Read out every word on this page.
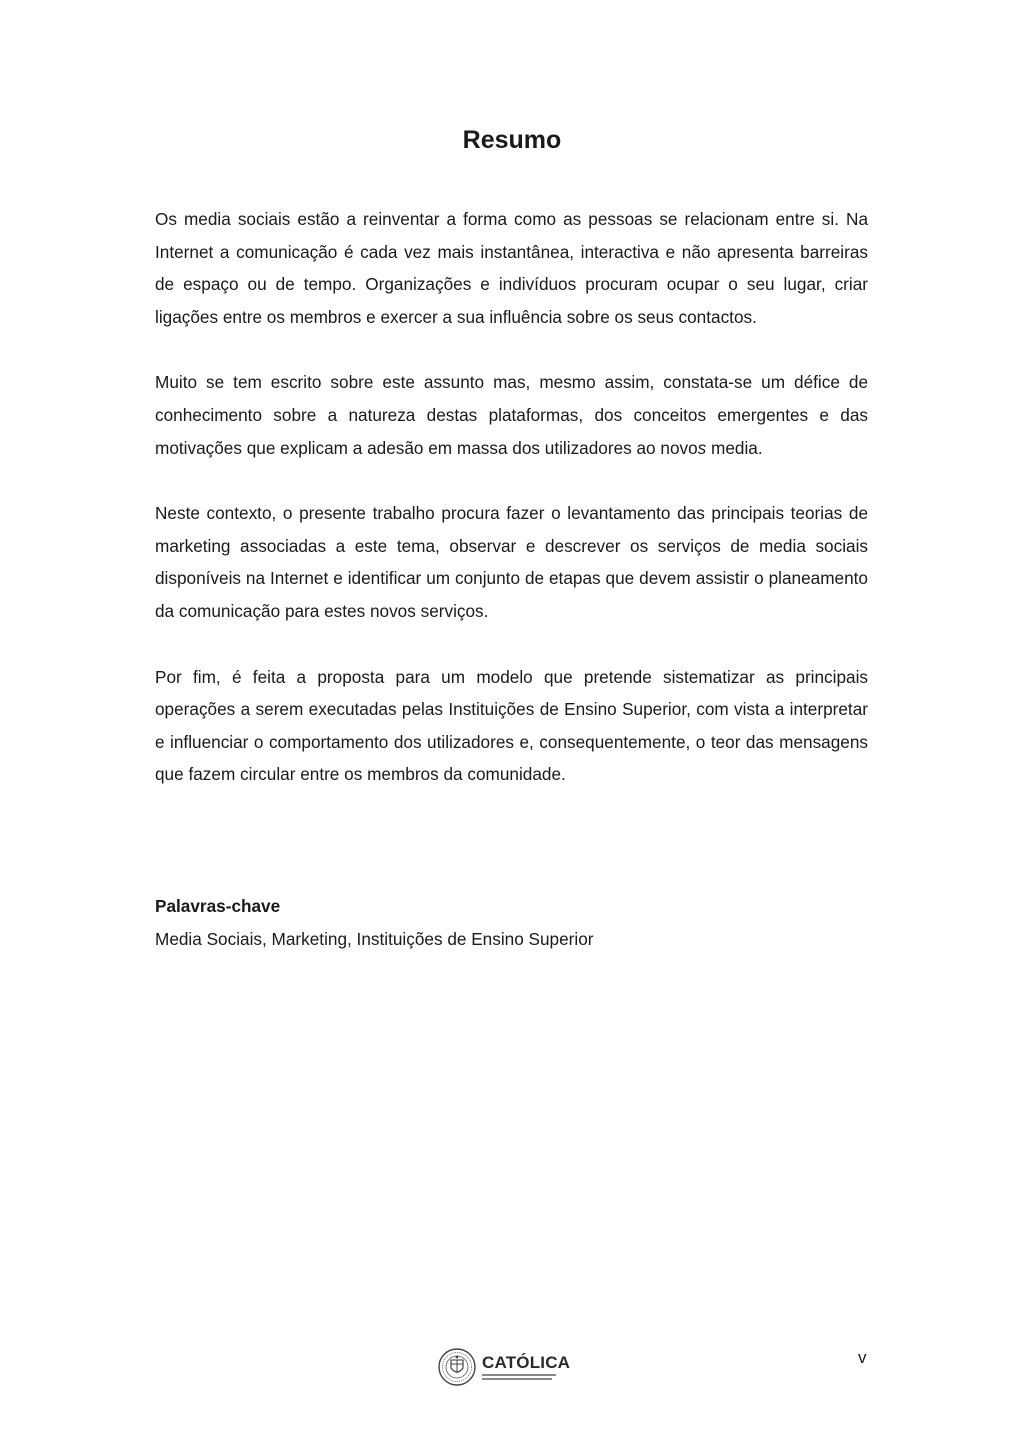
Resumo

Os media sociais estão a reinventar a forma como as pessoas se relacionam entre si. Na Internet a comunicação é cada vez mais instantânea, interactiva e não apresenta barreiras de espaço ou de tempo. Organizações e indivíduos procuram ocupar o seu lugar, criar ligações entre os membros e exercer a sua influência sobre os seus contactos.

Muito se tem escrito sobre este assunto mas, mesmo assim, constata-se um défice de conhecimento sobre a natureza destas plataformas, dos conceitos emergentes e das motivações que explicam a adesão em massa dos utilizadores ao novos media.

Neste contexto, o presente trabalho procura fazer o levantamento das principais teorias de marketing associadas a este tema, observar e descrever os serviços de media sociais disponíveis na Internet e identificar um conjunto de etapas que devem assistir o planeamento da comunicação para estes novos serviços.

Por fim, é feita a proposta para um modelo que pretende sistematizar as principais operações a serem executadas pelas Instituições de Ensino Superior, com vista a interpretar e influenciar o comportamento dos utilizadores e, consequentemente, o teor das mensagens que fazem circular entre os membros da comunidade.

Palavras-chave

Media Sociais, Marketing, Instituições de Ensino Superior

CATÓLICA	v
